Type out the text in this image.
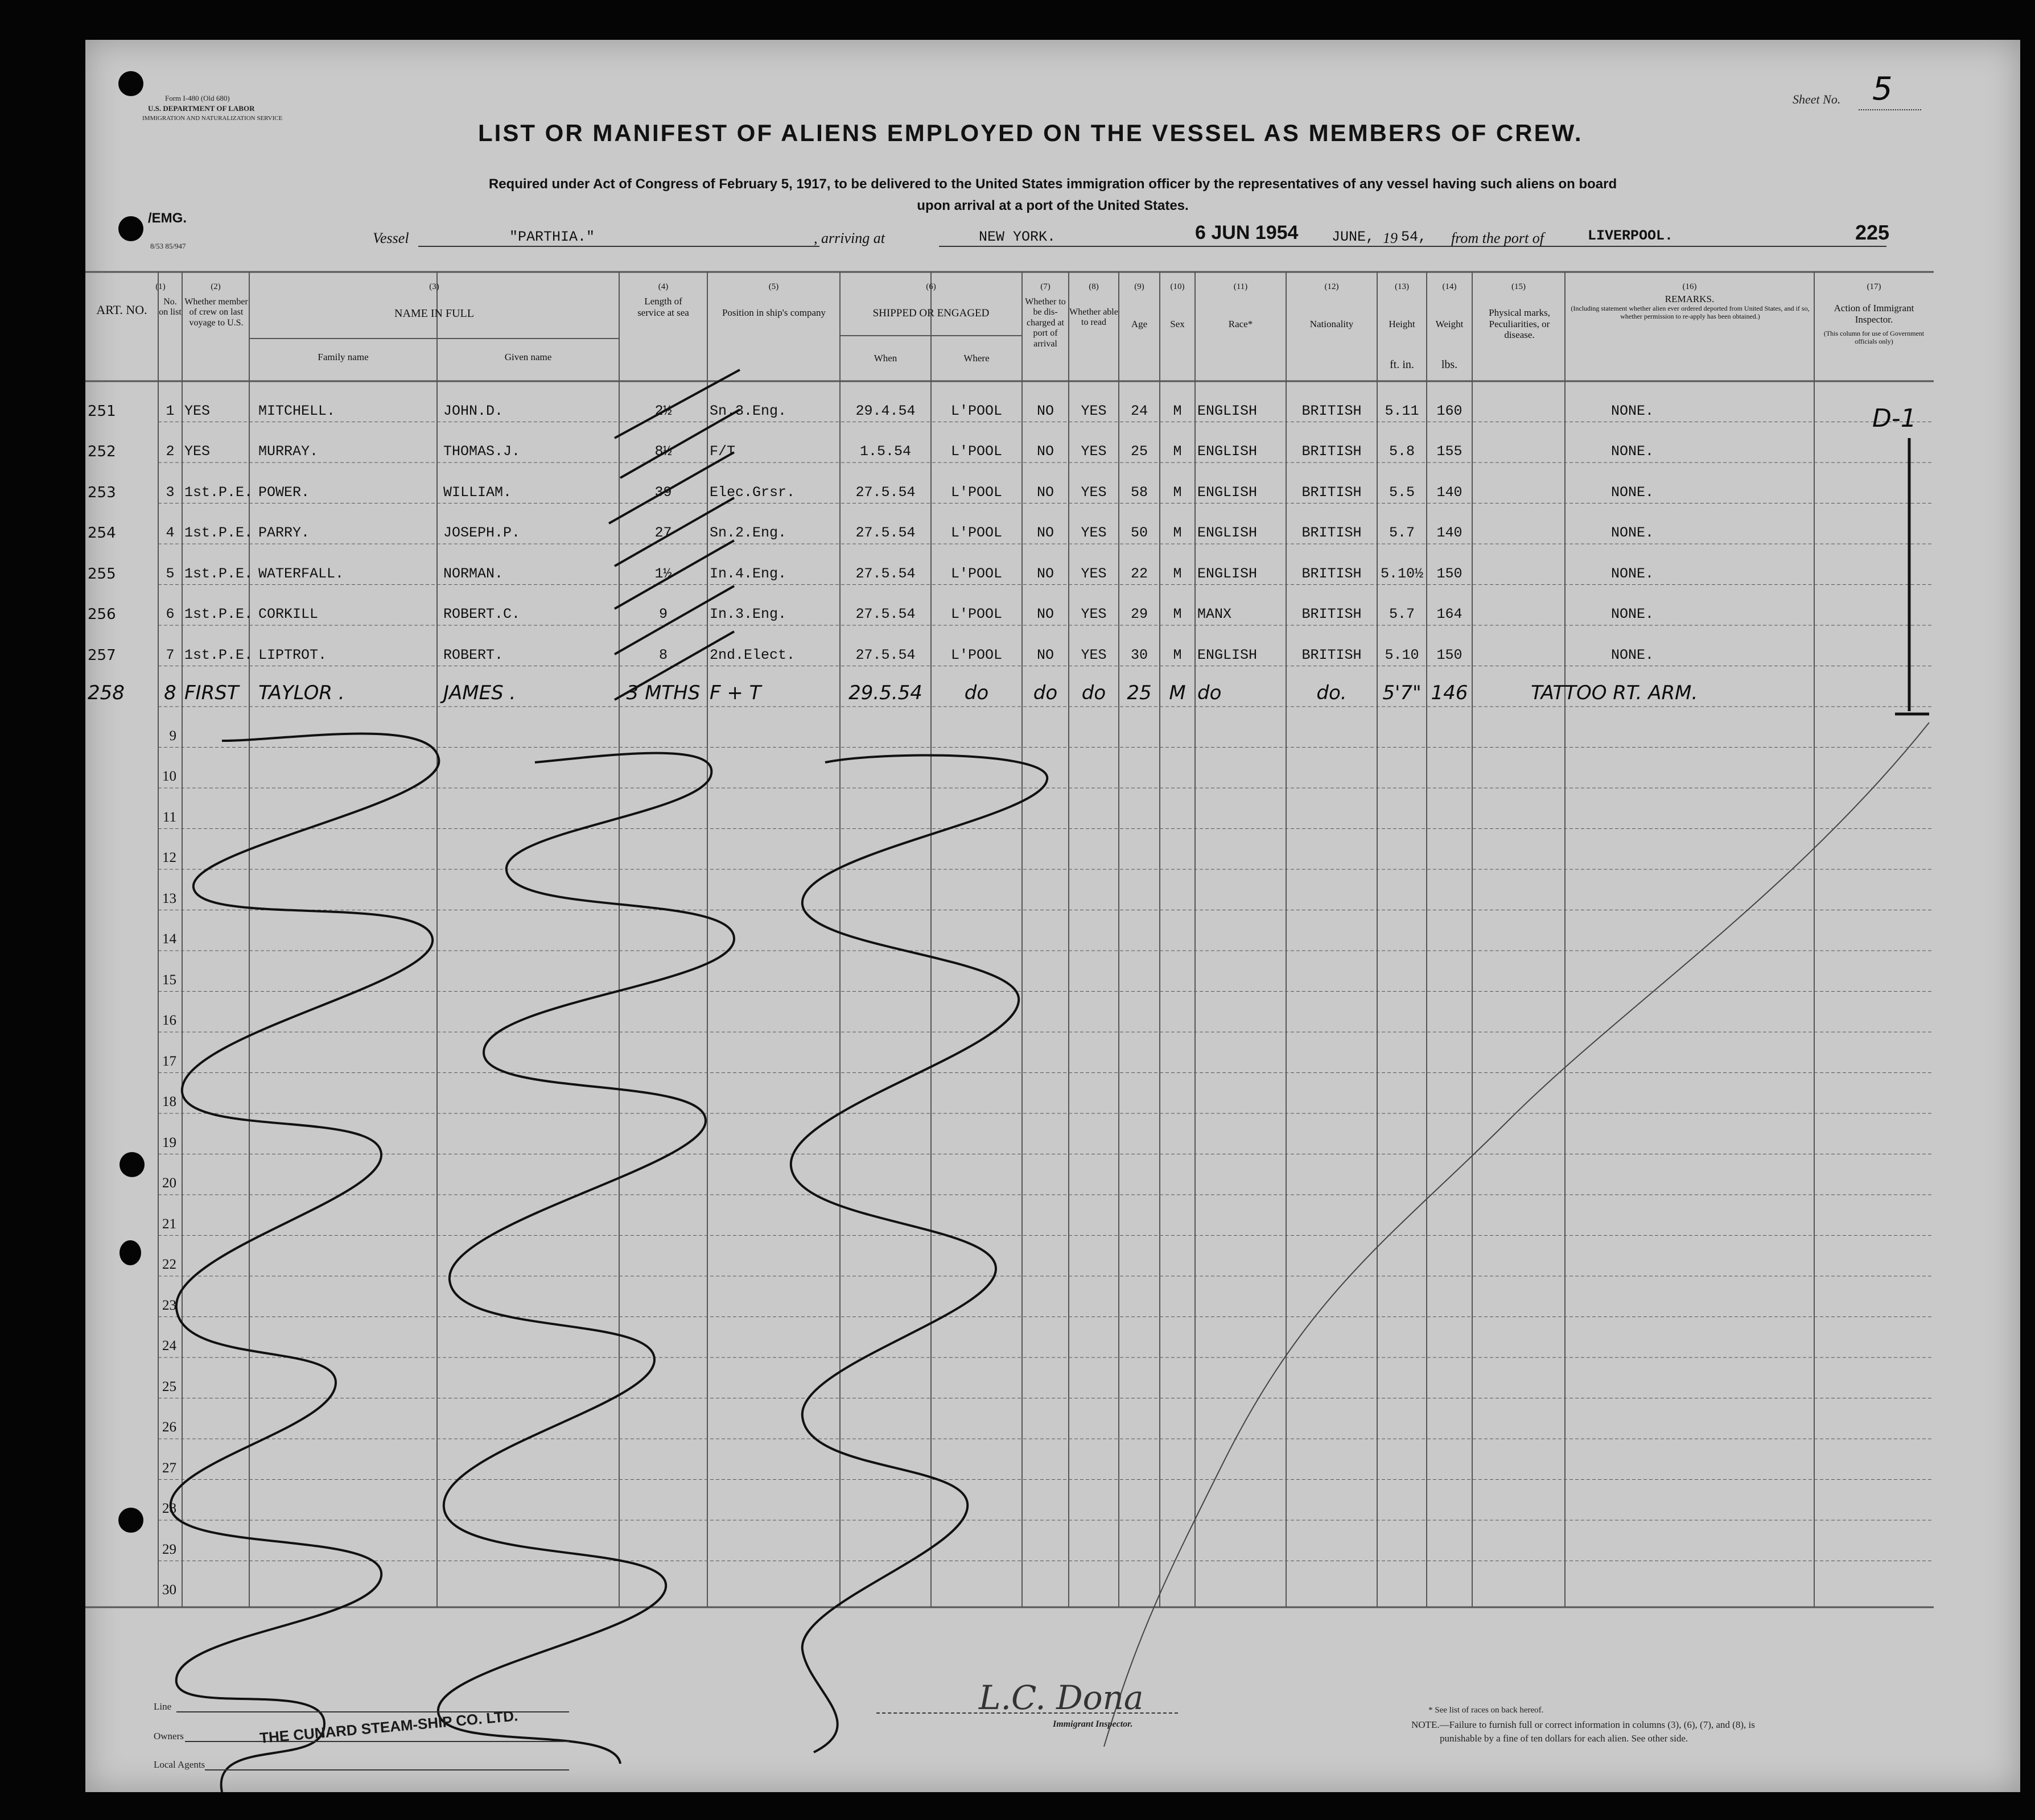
Form I-480 (Old 680)
U.S. DEPARTMENT OF LABOR
IMMIGRATION AND NATURALIZATION SERVICE
Sheet No. 5
LIST OR MANIFEST OF ALIENS EMPLOYED ON THE VESSEL AS MEMBERS OF CREW.
Required under Act of Congress of February 5, 1917, to be delivered to the United States immigration officer by the representatives of any vessel having such aliens on board
upon arrival at a port of the United States.
/EMG.
8/53 85/947	Vessel	"PARTHIA."	, arriving at	NEW YORK.	6 JUN 1954 JUNE, 19 54, from the port of	LIVERPOOL.	225
ART. NO.
(1)
No. on list
(2)
Whether member of crew on last voyage to U.S.
(3)
NAME IN FULL
Family name	Given name
(4)
Length of service at sea
(5)
Position in ship's company
(6)
SHIPPED OR ENGAGED
When	Where
(7)
Whether to be dis- charged at port of arrival
(8)
Whether able to read
(9)
Age
(10)
Sex
(11)
Race*
(12)
Nationality
(13)
Height
ft. in.
(14)
Weight
lbs.
(15)
Physical marks, Peculiarities, or disease.
(16)
REMARKS.
(Including statement whether alien ever ordered deported from United States, and if so, whether permission to re-apply has been obtained.)
(17)
Action of Immigrant Inspector.
(This column for use of Government officials only)
251	1 YES	MITCHELL.	JOHN.D.	2½	Sn.3.Eng.	29.4.54	L'POOL	NO	YES	24	M	ENGLISH	BRITISH	5.11	160	NONE.
252	2 YES	MURRAY.	THOMAS.J.	8½	F/T	1.5.54	L'POOL	NO	YES	25	M	ENGLISH	BRITISH	5.8	155	NONE.
253	3 1st.P.E. POWER.	WILLIAM.	39	Elec.Grsr.	27.5.54	L'POOL	NO	YES	58	M	ENGLISH	BRITISH	5.5	140	NONE.
254	4 1st.P.E. PARRY.	JOSEPH.P.	27	Sn.2.Eng.	27.5.54	L'POOL	NO	YES	50	M	ENGLISH	BRITISH	5.7	140	NONE.
255	5 1st.P.E. WATERFALL.	NORMAN.	1½	In.4.Eng.	27.5.54	L'POOL	NO	YES	22	M	ENGLISH	BRITISH	5.10½ 150	NONE.
256	6 1st.P.E. CORKILL	ROBERT.C.	9	In.3.Eng.	27.5.54	L'POOL	NO	YES	29	M	MANX	BRITISH	5.7	164	NONE.
257	7 1st.P.E. LIPTROT.	ROBERT.	8	2nd.Elect.	27.5.54	L'POOL	NO	YES	30	M	ENGLISH	BRITISH	5.10	150	NONE.
258	8 FIRST	TAYLOR .	JAMES .	3 MTHS F + T	29.5.54	do	do	do	25 M do	do.	5'7" 146	TATTOO RT. ARM.
9
10
11
12
13
14
15
16
17
18
19
20
21
22
23
24
25
26
27
28
29
30
D-1
Line
Owners
Local Agents
THE CUNARD STEAM-SHIP CO. LTD.
L.C. Dona
Immigrant Inspector.
* See list of races on back hereof.
NOTE.—Failure to furnish full or correct information in columns (3), (6), (7), and (8), is
punishable by a fine of ten dollars for each alien. See other side.
